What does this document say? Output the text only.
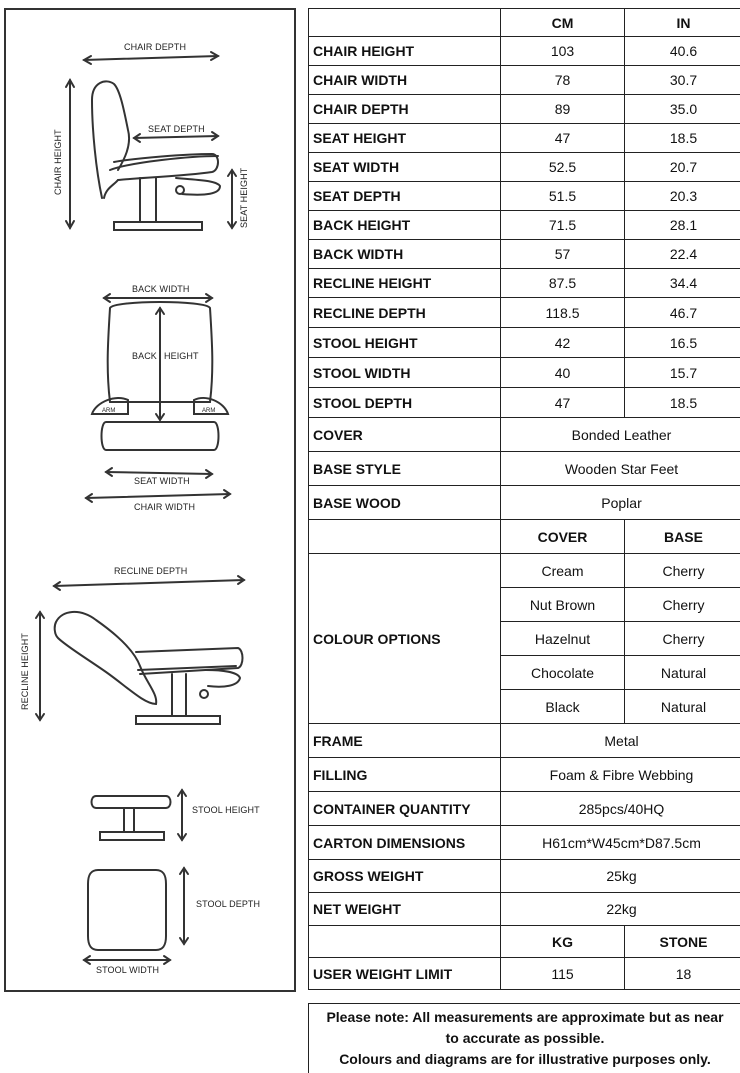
CHAIR DEPTH
CHAIR HEIGHT
SEAT DEPTH
SEAT HEIGHT
BACK WIDTH
BACK HEIGHT
ARM	ARM
SEAT WIDTH
CHAIR WIDTH
RECLINE DEPTH
RECLINE HEIGHT
STOOL HEIGHT
STOOL DEPTH
STOOL WIDTH
	CM	IN
CHAIR HEIGHT	103	40.6
CHAIR WIDTH	78	30.7
CHAIR DEPTH	89	35.0
SEAT HEIGHT	47	18.5
SEAT WIDTH	52.5	20.7
SEAT DEPTH	51.5	20.3
BACK HEIGHT	71.5	28.1
BACK WIDTH	57	22.4
RECLINE HEIGHT	87.5	34.4
RECLINE DEPTH	118.5	46.7
STOOL HEIGHT	42	16.5
STOOL WIDTH	40	15.7
STOOL DEPTH	47	18.5
COVER	Bonded Leather	
BASE STYLE	Wooden Star Feet	
BASE WOOD	Poplar	
	COVER	BASE
COLOUR OPTIONS	Cream	Cherry
	Nut Brown	Cherry
	Hazelnut	Cherry
	Chocolate	Natural
	Black	Natural
FRAME	Metal	
FILLING	Foam & Fibre Webbing	
CONTAINER QUANTITY	285pcs/40HQ	
CARTON DIMENSIONS	H61cm*W45cm*D87.5cm	
GROSS WEIGHT	25kg	
NET WEIGHT	22kg	
	KG	STONE
USER WEIGHT LIMIT	115	18
Please note: All measurements are approximate but as near
to accurate as possible.
Colours and diagrams are for illustrative purposes only.
